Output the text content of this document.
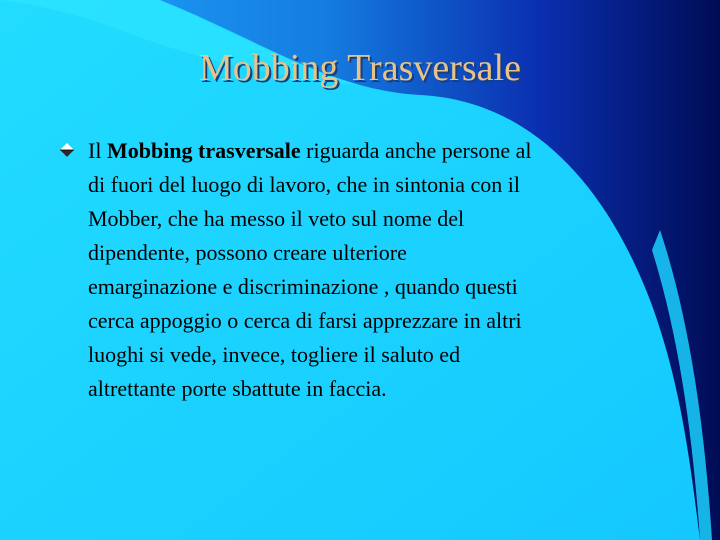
Mobbing Trasversale
Il Mobbing trasversale riguarda anche persone al
di fuori del luogo di lavoro, che in sintonia con il
Mobber, che ha messo il veto sul nome del
dipendente, possono creare ulteriore
emarginazione e discriminazione , quando questi
cerca appoggio o cerca di farsi apprezzare in altri
luoghi si vede, invece, togliere il saluto ed
altrettante porte sbattute in faccia.
